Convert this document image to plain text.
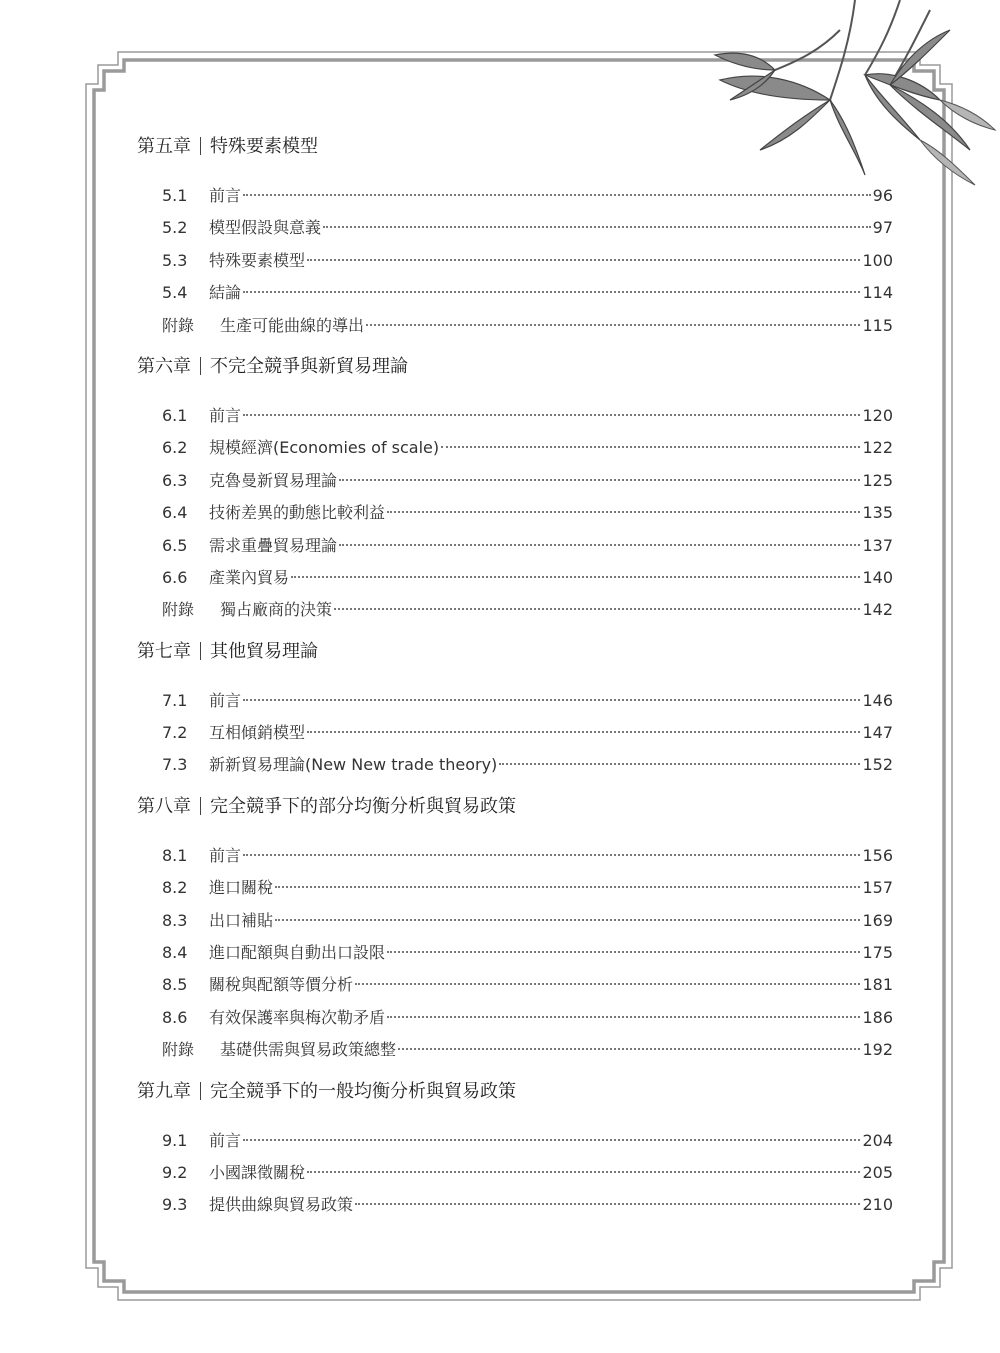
第五章 特殊要素模型
5.1	前言	96
5.2	模型假設與意義	97
5.3	特殊要素模型	100
5.4	結論	114
附錄	生產可能曲線的導出	115
第六章 不完全競爭與新貿易理論
6.1	前言	120
6.2	規模經濟(Economies of scale)	122
6.3	克魯曼新貿易理論	125
6.4	技術差異的動態比較利益	135
6.5	需求重疊貿易理論	137
6.6	產業內貿易	140
附錄	獨占廠商的決策	142
第七章 其他貿易理論
7.1	前言	146
7.2	互相傾銷模型	147
7.3	新新貿易理論(New New trade theory)	152
第八章 完全競爭下的部分均衡分析與貿易政策
8.1	前言	156
8.2	進口關稅	157
8.3	出口補貼	169
8.4	進口配額與自動出口設限	175
8.5	關稅與配額等價分析	181
8.6	有效保護率與梅次勒矛盾	186
附錄	基礎供需與貿易政策總整	192
第九章 完全競爭下的一般均衡分析與貿易政策
9.1	前言	204
9.2	小國課徵關稅	205
9.3	提供曲線與貿易政策	210
